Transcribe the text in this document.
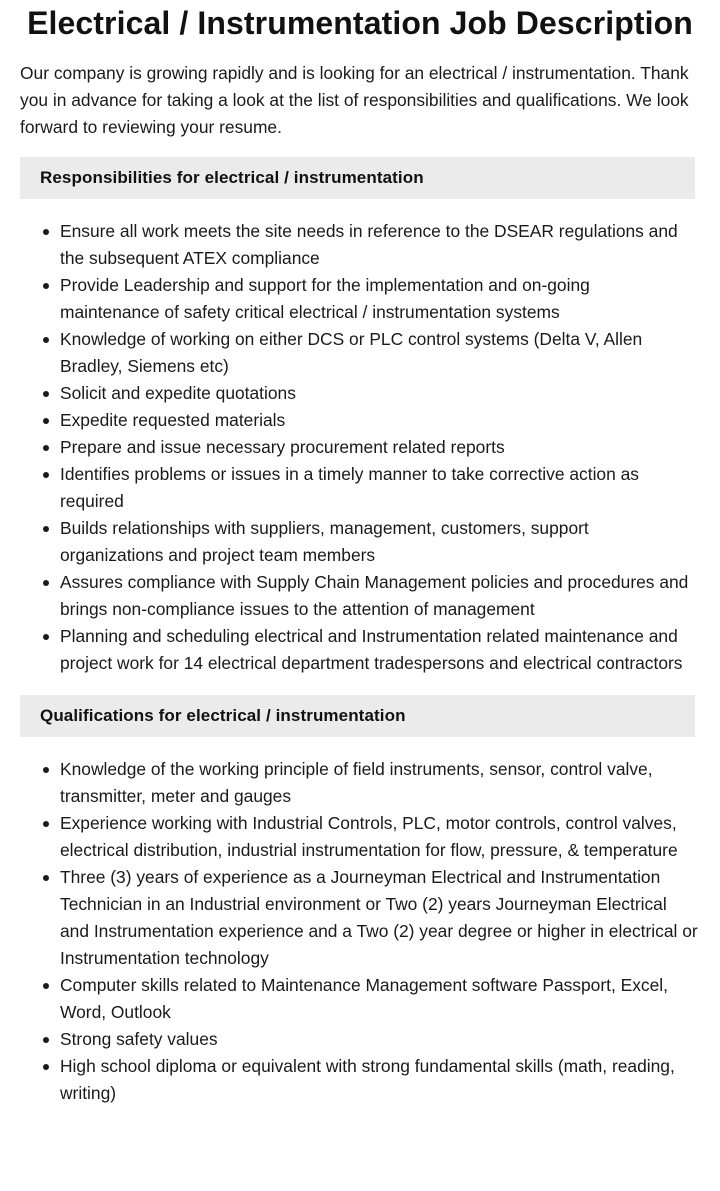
Electrical / Instrumentation Job Description

Our company is growing rapidly and is looking for an electrical / instrumentation. Thank you in advance for taking a look at the list of responsibilities and qualifications. We look forward to reviewing your resume.

Responsibilities for electrical / instrumentation
Ensure all work meets the site needs in reference to the DSEAR regulations and the subsequent ATEX compliance
Provide Leadership and support for the implementation and on-going maintenance of safety critical electrical / instrumentation systems
Knowledge of working on either DCS or PLC control systems (Delta V, Allen Bradley, Siemens etc)
Solicit and expedite quotations
Expedite requested materials
Prepare and issue necessary procurement related reports
Identifies problems or issues in a timely manner to take corrective action as required
Builds relationships with suppliers, management, customers, support organizations and project team members
Assures compliance with Supply Chain Management policies and procedures and brings non-compliance issues to the attention of management
Planning and scheduling electrical and Instrumentation related maintenance and project work for 14 electrical department tradespersons and electrical contractors
Qualifications for electrical / instrumentation
Knowledge of the working principle of field instruments, sensor, control valve, transmitter, meter and gauges
Experience working with Industrial Controls, PLC, motor controls, control valves, electrical distribution, industrial instrumentation for flow, pressure, & temperature
Three (3) years of experience as a Journeyman Electrical and Instrumentation Technician in an Industrial environment or Two (2) years Journeyman Electrical and Instrumentation experience and a Two (2) year degree or higher in electrical or Instrumentation technology
Computer skills related to Maintenance Management software Passport, Excel, Word, Outlook
Strong safety values
High school diploma or equivalent with strong fundamental skills (math, reading, writing)
